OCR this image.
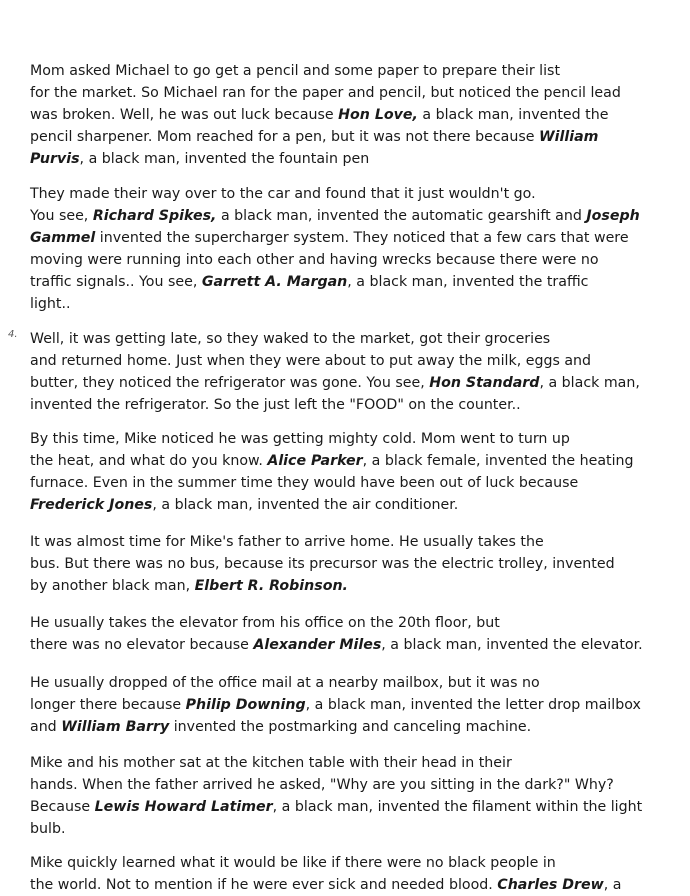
4.

Mom asked Michael to go get a pencil and some paper to prepare their list
for the market. So Michael ran for the paper and pencil, but noticed the pencil lead
was broken. Well, he was out luck because Hon Love, a black man, invented the
pencil sharpener. Mom reached for a pen, but it was not there because William
Purvis, a black man, invented the fountain pen

They made their way over to the car and found that it just wouldn't go.
You see, Richard Spikes, a black man, invented the automatic gearshift and Joseph
Gammel invented the supercharger system. They noticed that a few cars that were
moving were running into each other and having wrecks because there were no
traffic signals.. You see, Garrett A. Margan, a black man, invented the traffic
light..

Well, it was getting late, so they waked to the market, got their groceries
and returned home. Just when they were about to put away the milk, eggs and
butter, they noticed the refrigerator was gone. You see, Hon Standard, a black man,
invented the refrigerator. So the just left the "FOOD" on the counter..

By this time, Mike noticed he was getting mighty cold. Mom went to turn up
the heat, and what do you know. Alice Parker, a black female, invented the heating
furnace. Even in the summer time they would have been out of luck because
Frederick Jones, a black man, invented the air conditioner.

It was almost time for Mike's father to arrive home. He usually takes the
bus. But there was no bus, because its precursor was the electric trolley, invented
by another black man, Elbert R. Robinson.

He usually takes the elevator from his office on the 20th floor, but
there was no elevator because Alexander Miles, a black man, invented the elevator.

He usually dropped of the office mail at a nearby mailbox, but it was no
longer there because Philip Downing, a black man, invented the letter drop mailbox
and William Barry invented the postmarking and canceling machine.

Mike and his mother sat at the kitchen table with their head in their
hands. When the father arrived he asked, "Why are you sitting in the dark?" Why?
Because Lewis Howard Latimer, a black man, invented the filament within the light
bulb.

Mike quickly learned what it would be like if there were no black people in
the world. Not to mention if he were ever sick and needed blood. Charles Drew, a
